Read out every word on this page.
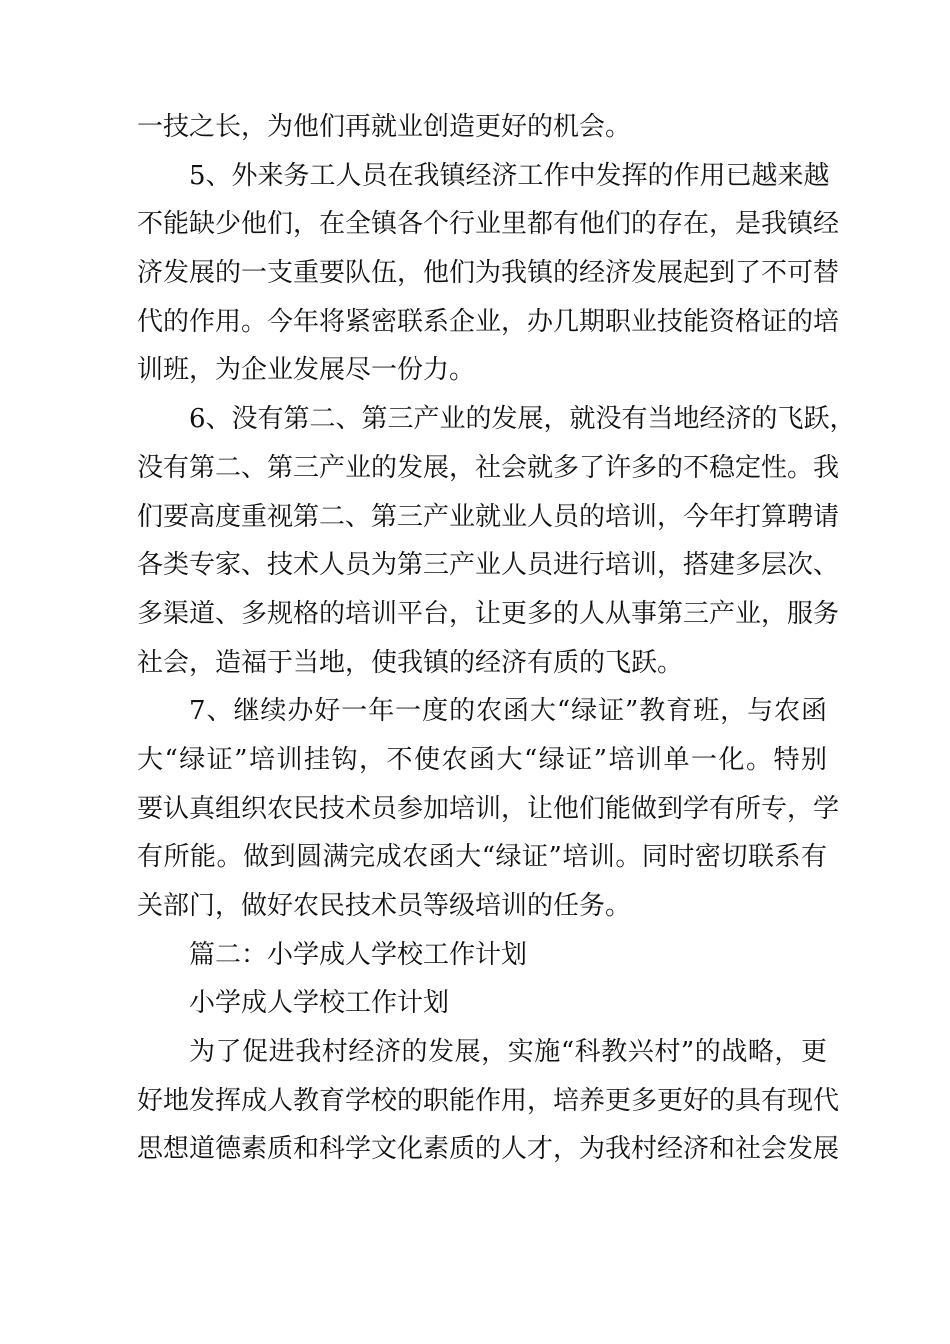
一技之长，为他们再就业创造更好的机会。
5、外来务工人员在我镇经济工作中发挥的作用已越来越
不能缺少他们，在全镇各个行业里都有他们的存在，是我镇经
济发展的一支重要队伍，他们为我镇的经济发展起到了不可替
代的作用。今年将紧密联系企业，办几期职业技能资格证的培
训班，为企业发展尽一份力。
6、没有第二、第三产业的发展，就没有当地经济的飞跃，
没有第二、第三产业的发展，社会就多了许多的不稳定性。我
们要高度重视第二、第三产业就业人员的培训，今年打算聘请
各类专家、技术人员为第三产业人员进行培训，搭建多层次、
多渠道、多规格的培训平台，让更多的人从事第三产业，服务
社会，造福于当地，使我镇的经济有质的飞跃。
7、继续办好一年一度的农函大“绿证”教育班，与农函
大“绿证”培训挂钩，不使农函大“绿证”培训单一化。特别
要认真组织农民技术员参加培训，让他们能做到学有所专，学
有所能。做到圆满完成农函大“绿证”培训。同时密切联系有
关部门，做好农民技术员等级培训的任务。
篇二：小学成人学校工作计划
小学成人学校工作计划
为了促进我村经济的发展，实施“科教兴村”的战略，更
好地发挥成人教育学校的职能作用，培养更多更好的具有现代
思想道德素质和科学文化素质的人才，为我村经济和社会发展
